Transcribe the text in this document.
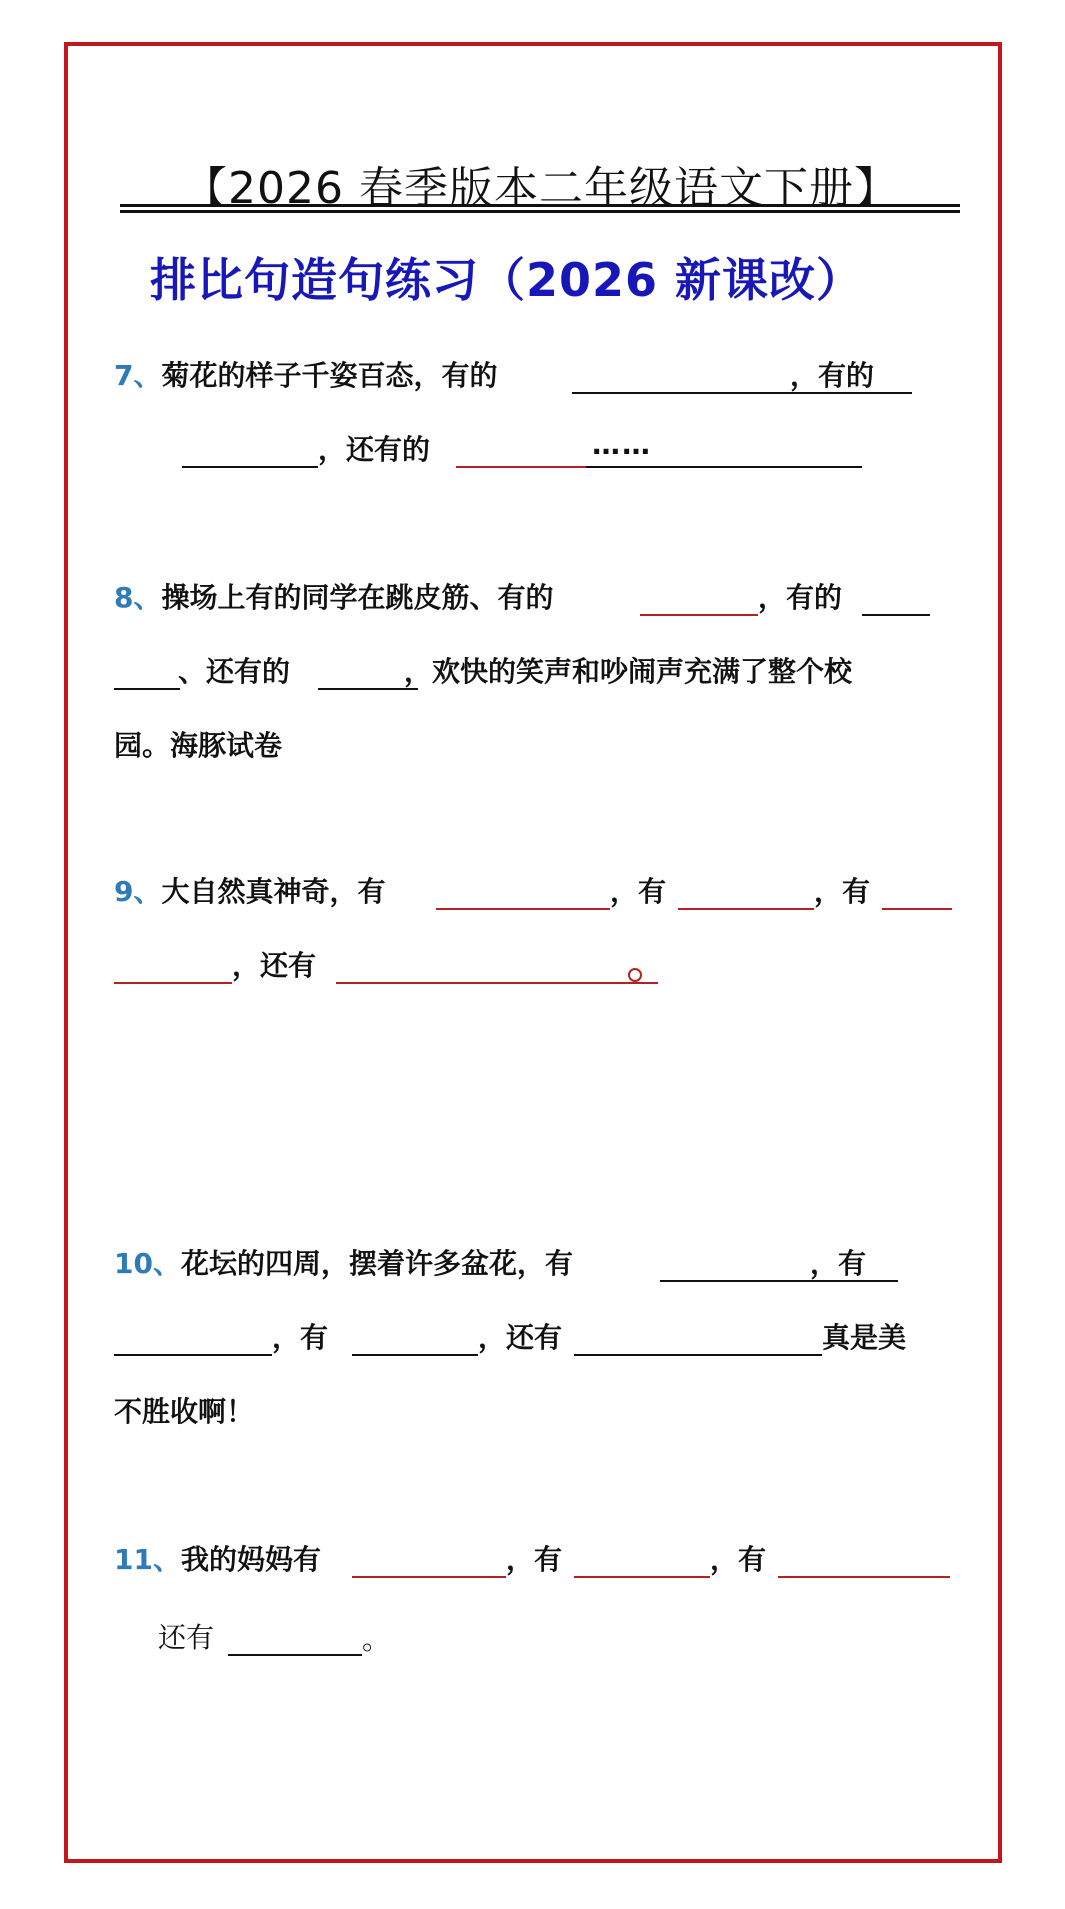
【2026 春季版本二年级语文下册】
排比句造句练习（2026 新课改）
7、菊花的样子千姿百态，有的	，有的
，还有的	……
8、操场上有的同学在跳皮筋、有的	，有的
、还有的	，欢快的笑声和吵闹声充满了整个校
园。海豚试卷
9、大自然真神奇，有	，有	，有
，还有
10、花坛的四周，摆着许多盆花，有	，有
，有	，还有	真是美
不胜收啊！
11、我的妈妈有	，有	，有
还有	。
